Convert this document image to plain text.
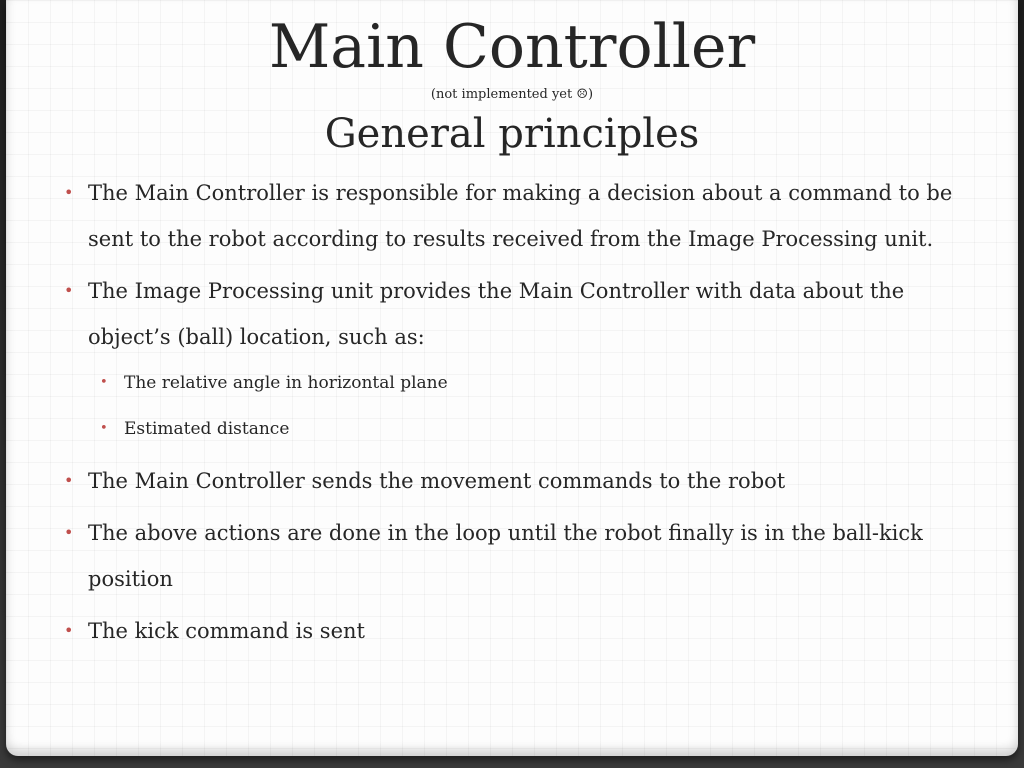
Main Controller
(not implemented yet ☹)
General principles
• The Main Controller is responsible for making a decision about a command to be sent to the robot according to results received from the Image Processing unit.
• The Image Processing unit provides the Main Controller with data about the object’s (ball) location, such as:
• The relative angle in horizontal plane
• Estimated distance
• The Main Controller sends the movement commands to the robot
• The above actions are done in the loop until the robot finally is in the ball-kick position
• The kick command is sent
